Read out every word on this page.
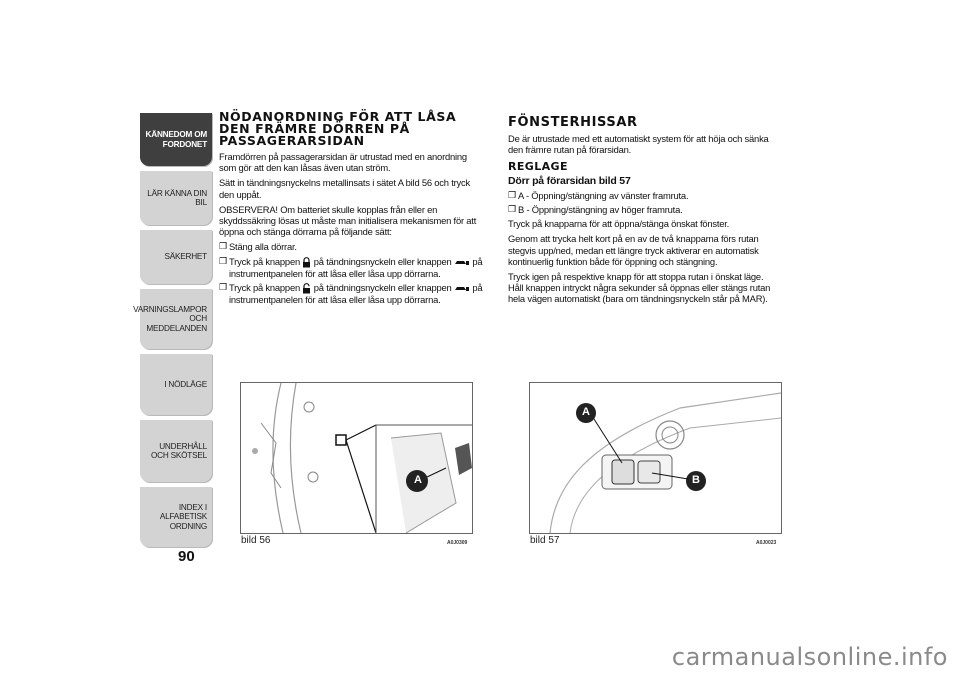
KÄNNEDOM OM FORDONET
LÄR KÄNNA DIN BIL
SÄKERHET
VARNINGSLAMPOR OCH MEDDELANDEN
I NÖDLÄGE
UNDERHÅLL OCH SKÖTSEL
INDEX I ALFABETISK ORDNING
90
NÖDANORDNING FÖR ATT LÅSA DEN FRÄMRE DÖRREN PÅ PASSAGERARSIDAN

Framdörren på passagerarsidan är utrustad med en anordning som gör att den kan låsas även utan ström.

Sätt in tändningsnyckelns metallinsats i sätet A bild 56 och tryck den uppåt.

OBSERVERA! Om batteriet skulle kopplas från eller en skyddssäkring lösas ut måste man initialisera mekanismen för att öppna och stänga dörrarna på följande sätt:

❒ Stäng alla dörrar.
❒ Tryck på knappen på tändningsnyckeln eller knappen på instrumentpanelen för att låsa eller låsa upp dörrarna.
❒ Tryck på knappen på tändningsnyckeln eller knappen på instrumentpanelen för att låsa eller låsa upp dörrarna.
FÖNSTERHISSAR

De är utrustade med ett automatiskt system för att höja och sänka den främre rutan på förarsidan.

REGLAGE
Dörr på förarsidan bild 57
❒ A - Öppning/stängning av vänster framruta.
❒ B - Öppning/stängning av höger framruta.

Tryck på knapparna för att öppna/stänga önskat fönster.

Genom att trycka helt kort på en av de två knapparna förs rutan stegvis upp/ned, medan ett längre tryck aktiverar en automatisk kontinuerlig funktion både för öppning och stängning.

Tryck igen på respektive knapp för att stoppa rutan i önskat läge. Håll knappen intryckt några sekunder så öppnas eller stängs rutan hela vägen automatiskt (bara om tändningsnyckeln står på MAR).

A
bild 56	A0J0309
A
B
bild 57	A0J0023
carmanualsonline.info
